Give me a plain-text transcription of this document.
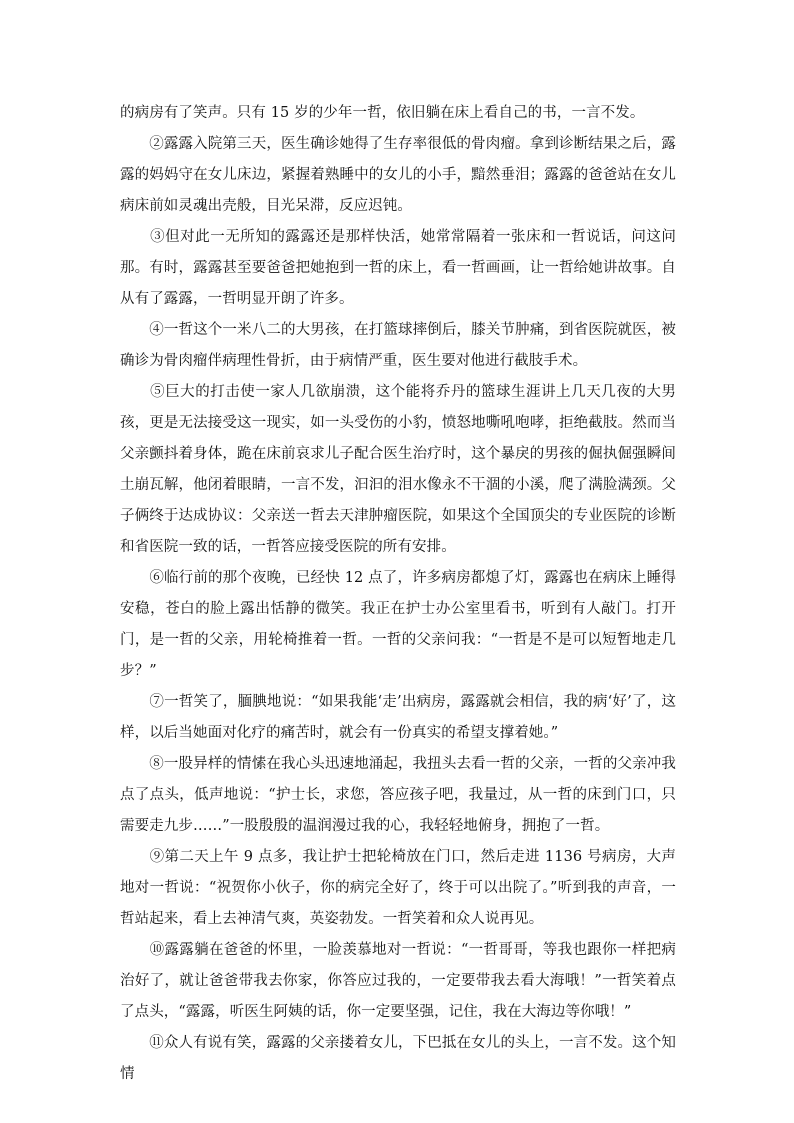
的病房有了笑声。只有 15 岁的少年一哲，依旧躺在床上看自己的书，一言不发。

　　②露露入院第三天，医生确诊她得了生存率很低的骨肉瘤。拿到诊断结果之后，露露的妈妈守在女儿床边，紧握着熟睡中的女儿的小手，黯然垂泪；露露的爸爸站在女儿病床前如灵魂出壳般，目光呆滞，反应迟钝。

　　③但对此一无所知的露露还是那样快活，她常常隔着一张床和一哲说话，问这问那。有时，露露甚至要爸爸把她抱到一哲的床上，看一哲画画，让一哲给她讲故事。自从有了露露，一哲明显开朗了许多。

　　④一哲这个一米八二的大男孩，在打篮球摔倒后，膝关节肿痛，到省医院就医，被确诊为骨肉瘤伴病理性骨折，由于病情严重，医生要对他进行截肢手术。

　　⑤巨大的打击使一家人几欲崩溃，这个能将乔丹的篮球生涯讲上几天几夜的大男孩，更是无法接受这一现实，如一头受伤的小豹，愤怒地嘶吼咆哮，拒绝截肢。然而当父亲颤抖着身体，跪在床前哀求儿子配合医生治疗时，这个暴戾的男孩的倔执倔强瞬间土崩瓦解，他闭着眼睛，一言不发，汩汩的泪水像永不干涸的小溪，爬了满脸满颈。父子俩终于达成协议：父亲送一哲去天津肿瘤医院，如果这个全国顶尖的专业医院的诊断和省医院一致的话，一哲答应接受医院的所有安排。

　　⑥临行前的那个夜晚，已经快 12 点了，许多病房都熄了灯，露露也在病床上睡得安稳，苍白的脸上露出恬静的微笑。我正在护士办公室里看书，听到有人敲门。打开门，是一哲的父亲，用轮椅推着一哲。一哲的父亲问我：“一哲是不是可以短暂地走几步？”

　　⑦一哲笑了，腼腆地说：“如果我能‘走’出病房，露露就会相信，我的病‘好’了，这样，以后当她面对化疗的痛苦时，就会有一份真实的希望支撑着她。”

　　⑧一股异样的情愫在我心头迅速地涌起，我扭头去看一哲的父亲，一哲的父亲冲我点了点头，低声地说：“护士长，求您，答应孩子吧，我量过，从一哲的床到门口，只需要走九步……”一股殷殷的温润漫过我的心，我轻轻地俯身，拥抱了一哲。

　　⑨第二天上午 9 点多，我让护士把轮椅放在门口，然后走进 1136 号病房，大声地对一哲说：“祝贺你小伙子，你的病完全好了，终于可以出院了。”听到我的声音，一哲站起来，看上去神清气爽，英姿勃发。一哲笑着和众人说再见。

　　⑩露露躺在爸爸的怀里，一脸羡慕地对一哲说：“一哲哥哥，等我也跟你一样把病治好了，就让爸爸带我去你家，你答应过我的，一定要带我去看大海哦！”一哲笑着点了点头，“露露，听医生阿姨的话，你一定要坚强，记住，我在大海边等你哦！”

　　⑪众人有说有笑，露露的父亲搂着女儿，下巴抵在女儿的头上，一言不发。这个知情
